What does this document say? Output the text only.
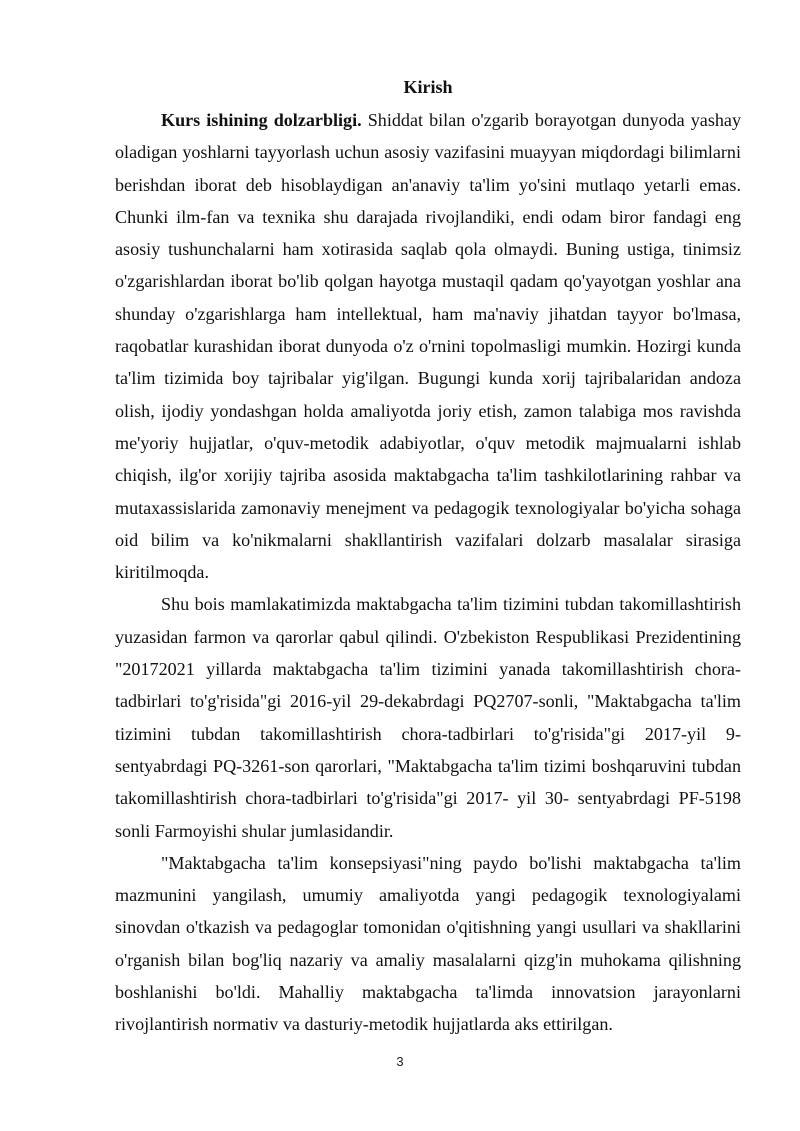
Kirish

Kurs ishining dolzarbligi. Shiddat bilan o'zgarib borayotgan dunyoda yashay oladigan yoshlarni tayyorlash uchun asosiy vazifasini muayyan miqdordagi bilimlarni berishdan iborat deb hisoblaydigan an'anaviy ta'lim yo'sini mutlaqo yetarli emas. Chunki ilm-fan va texnika shu darajada rivojlandiki, endi odam biror fandagi eng asosiy tushunchalarni ham xotirasida saqlab qola olmaydi. Buning ustiga, tinimsiz o'zgarishlardan iborat bo'lib qolgan hayotga mustaqil qadam qo'yayotgan yoshlar ana shunday o'zgarishlarga ham intellektual, ham ma'naviy jihatdan tayyor bo'lmasa, raqobatlar kurashidan iborat dunyoda o'z o'rnini topolmasligi mumkin. Hozirgi kunda ta'lim tizimida boy tajribalar yig'ilgan. Bugungi kunda xorij tajribalaridan andoza olish, ijodiy yondashgan holda amaliyotda joriy etish, zamon talabiga mos ravishda me'yoriy hujjatlar, o'quv-metodik adabiyotlar, o'quv metodik majmualarni ishlab chiqish, ilg'or xorijiy tajriba asosida maktabgacha ta'lim tashkilotlarining rahbar va mutaxassislarida zamonaviy menejment va pedagogik texnologiyalar bo'yicha sohaga oid bilim va ko'nikmalarni shakllantirish vazifalari dolzarb masalalar sirasiga kiritilmoqda.

Shu bois mamlakatimizda maktabgacha ta'lim tizimini tubdan takomillashtirish yuzasidan farmon va qarorlar qabul qilindi. O'zbekiston Respublikasi Prezidentining "20172021 yillarda maktabgacha ta'lim tizimini yanada takomillashtirish chora-tadbirlari to'g'risida"gi 2016-yil 29-dekabrdagi PQ2707-sonli, "Maktabgacha ta'lim tizimini tubdan takomillashtirish chora-tadbirlari to'g'risida"gi 2017-yil 9- sentyabrdagi PQ-3261-son qarorlari, "Maktabgacha ta'lim tizimi boshqaruvini tubdan takomillashtirish chora-tadbirlari to'g'risida"gi 2017- yil 30- sentyabrdagi PF-5198 sonli Farmoyishi shular jumlasidandir.

"Maktabgacha ta'lim konsepsiyasi"ning paydo bo'lishi maktabgacha ta'lim mazmunini yangilash, umumiy amaliyotda yangi pedagogik texnologiyalami sinovdan o'tkazish va pedagoglar tomonidan o'qitishning yangi usullari va shakllarini o'rganish bilan bog'liq nazariy va amaliy masalalarni qizg'in muhokama qilishning boshlanishi bo'ldi. Mahalliy maktabgacha ta'limda innovatsion jarayonlarni rivojlantirish normativ va dasturiy-metodik hujjatlarda aks ettirilgan.

3
